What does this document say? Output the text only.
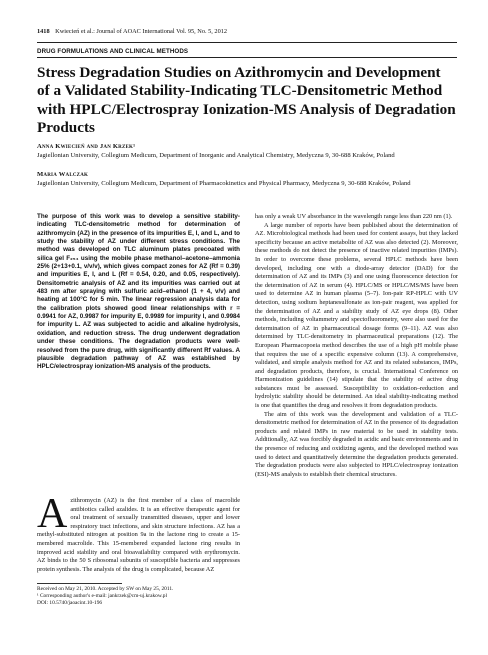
1418 Kwiecień et al.: Journal of AOAC International Vol. 95, No. 5, 2012
DRUG FORMULATIONS AND CLINICAL METHODS
Stress Degradation Studies on Azithromycin and Development of a Validated Stability-Indicating TLC-Densitometric Method with HPLC/Electrospray Ionization-MS Analysis of Degradation Products
Anna Kwiecień and Jan Krzek¹
Jagiellonian University, Collegium Medicum, Department of Inorganic and Analytical Chemistry, Medyczna 9, 30-688 Kraków, Poland
Maria Walczak
Jagiellonian University, Collegium Medicum, Department of Pharmacokinetics and Physical Pharmacy, Medyczna 9, 30-688 Kraków, Poland

The purpose of this work was to develop a sensitive stability-indicating TLC-densitometric method for determination of azithromycin (AZ) in the presence of its impurities E, I, and L, and to study the stability of AZ under different stress conditions. The method was developed on TLC aluminum plates precoated with silica gel F₂₅₄ using the mobile phase methanol–acetone–ammonia 25% (2+13+0.1, v/v/v), which gives compact zones for AZ (Rf = 0.39) and impurities E, I, and L (Rf = 0.54, 0.20, and 0.05, respectively). Densitometric analysis of AZ and its impurities was carried out at 483 nm after spraying with sulfuric acid–ethanol (1 + 4, v/v) and heating at 100°C for 5 min. The linear regression analysis data for the calibration plots showed good linear relationships with r = 0.9941 for AZ, 0.9987 for impurity E, 0.9989 for impurity I, and 0.9984 for impurity L. AZ was subjected to acidic and alkaline hydrolysis, oxidation, and reduction stress. The drug underwent degradation under these conditions. The degradation products were well-resolved from the pure drug, with significantly different Rf values. A plausible degradation pathway of AZ was established by HPLC/electrospray ionization-MS analysis of the products.

A zithromycin (AZ) is the first member of a class of macrolide antibiotics called azalides. It is an effective therapeutic agent for oral treatment of sexually transmitted diseases, upper and lower respiratory tract infections, and skin structure infections. AZ has a methyl-substituted nitrogen at position 9a in the lactone ring to create a 15-membered macrolide. This 15-membered expanded lactone ring results in improved acid stability and oral bioavailability compared with erythromycin. AZ binds to the 50 S ribosomal subunits of susceptible bacteria and suppresses protein synthesis. The analysis of the drug is complicated, because AZ
Received on May 21, 2010. Accepted by SW on May 25, 2011.
¹ Corresponding author's e-mail: jankrzek@cm-uj.krakow.pl
DOI: 10.5740/jaoacint.10-196

has only a weak UV absorbance in the wavelength range less than 220 nm (1).

A large number of reports have been published about the determination of AZ. Microbiological methods had been used for content assays, but they lacked specificity because an active metabolite of AZ was also detected (2). Moreover, these methods do not detect the presence of inactive related impurities (IMPs). In order to overcome these problems, several HPLC methods have been developed, including one with a diode-array detector (DAD) for the determination of AZ and its IMPs (3) and one using fluorescence detection for the determination of AZ in serum (4). HPLC/MS or HPLC/MS/MS have been used to determine AZ in human plasma (5–7). Ion-pair RP-HPLC with UV detection, using sodium heptanesulfonate as ion-pair reagent, was applied for the determination of AZ and a stability study of AZ eye drops (8). Other methods, including voltammetry and spectofluorometry, were also used for the determination of AZ in pharmaceutical dosage forms (9–11). AZ was also determined by TLC-densitometry in pharmaceutical preparations (12). The European Pharmacopoeia method describes the use of a high pH mobile phase that requires the use of a specific expensive column (13). A comprehensive, validated, and simple analysis method for AZ and its related substances, IMPs, and degradation products, therefore, is crucial. International Conference on Harmonization guidelines (14) stipulate that the stability of active drug substances must be assessed. Susceptibility to oxidation–reduction and hydrolytic stability should be determined. An ideal stability-indicating method is one that quantifies the drug and resolves it from degradation products.

The aim of this work was the development and validation of a TLC-densitometric method for determination of AZ in the presence of its degradation products and related IMPs in raw material to be used in stability tests. Additionally, AZ was forcibly degraded in acidic and basic environments and in the presence of reducing and oxidizing agents, and the developed method was used to detect and quantitatively determine the degradation products generated. The degradation products were also subjected to HPLC/electrospray ionization (ESI)-MS analysis to establish their chemical structures.
